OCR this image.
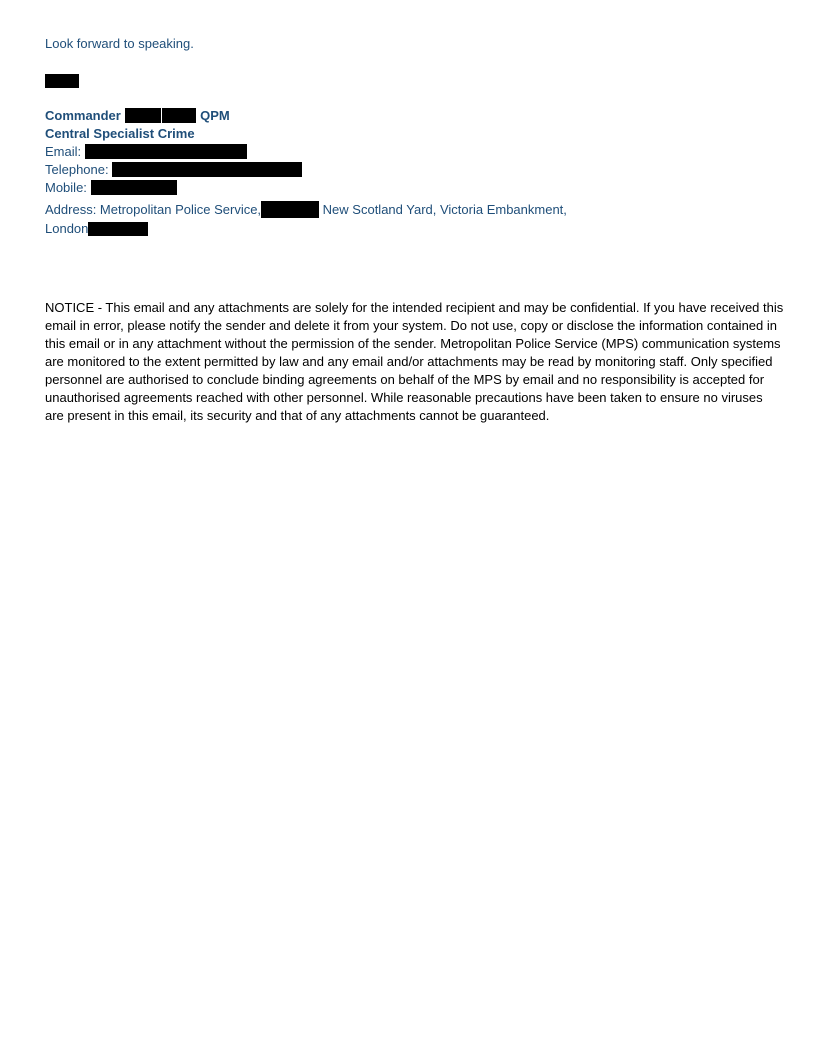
Look forward to speaking.
Commander	QPM
Central Specialist Crime
Email:
Telephone:
Mobile:
Address: Metropolitan Police Service,	New Scotland Yard, Victoria Embankment,
London
NOTICE - This email and any attachments are solely for the intended recipient and may be confidential. If you have received this email in error, please notify the sender and delete it from your system. Do not use, copy or disclose the information contained in this email or in any attachment without the permission of the sender. Metropolitan Police Service (MPS) communication systems are monitored to the extent permitted by law and any email and/or attachments may be read by monitoring staff. Only specified personnel are authorised to conclude binding agreements on behalf of the MPS by email and no responsibility is accepted for unauthorised agreements reached with other personnel. While reasonable precautions have been taken to ensure no viruses are present in this email, its security and that of any attachments cannot be guaranteed.
